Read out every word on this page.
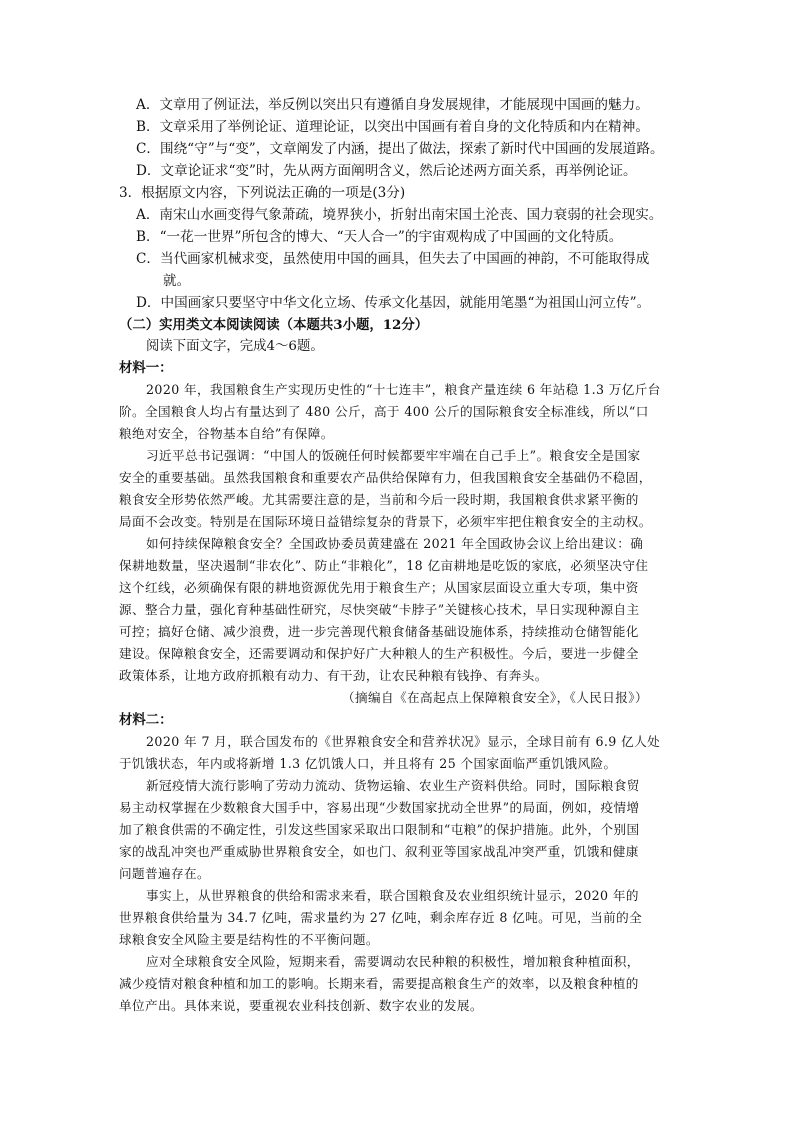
A．文章用了例证法，举反例以突出只有遵循自身发展规律，才能展现中国画的魅力。
B．文章采用了举例论证、道理论证，以突出中国画有着自身的文化特质和内在精神。
C．围绕“守”与“变”，文章阐发了内涵，提出了做法，探索了新时代中国画的发展道路。
D．文章论证求“变”时，先从两方面阐明含义，然后论述两方面关系，再举例论证。
3．根据原文内容，下列说法正确的一项是(3分)
A．南宋山水画变得气象萧疏，境界狭小，折射出南宋国土沦丧、国力衰弱的社会现实。
B．“一花一世界”所包含的博大、“天人合一”的宇宙观构成了中国画的文化特质。
C．当代画家机械求变，虽然使用中国的画具，但失去了中国画的神韵，不可能取得成
就。
D．中国画家只要坚守中华文化立场、传承文化基因，就能用笔墨“为祖国山河立传”。
（二）实用类文本阅读阅读（本题共3小题，12分）
阅读下面文字，完成4～6题。
材料一：
2020 年，我国粮食生产实现历史性的“十七连丰”，粮食产量连续 6 年站稳 1.3 万亿斤台
阶。全国粮食人均占有量达到了 480 公斤，高于 400 公斤的国际粮食安全标准线，所以“口
粮绝对安全，谷物基本自给”有保障。
习近平总书记强调：“中国人的饭碗任何时候都要牢牢端在自己手上”。粮食安全是国家
安全的重要基础。虽然我国粮食和重要农产品供给保障有力，但我国粮食安全基础仍不稳固，
粮食安全形势依然严峻。尤其需要注意的是，当前和今后一段时期，我国粮食供求紧平衡的
局面不会改变。特别是在国际环境日益错综复杂的背景下，必须牢牢把住粮食安全的主动权。
如何持续保障粮食安全？全国政协委员黄建盛在 2021 年全国政协会议上给出建议：确
保耕地数量，坚决遏制“非农化”、防止“非粮化”，18 亿亩耕地是吃饭的家底，必须坚决守住
这个红线，必须确保有限的耕地资源优先用于粮食生产；从国家层面设立重大专项，集中资
源、整合力量，强化育种基础性研究，尽快突破“卡脖子”关键核心技术，早日实现种源自主
可控；搞好仓储、减少浪费，进一步完善现代粮食储备基础设施体系，持续推动仓储智能化
建设。保障粮食安全，还需要调动和保护好广大种粮人的生产积极性。今后，要进一步健全
政策体系，让地方政府抓粮有动力、有干劲，让农民种粮有钱挣、有奔头。
（摘编自《在高起点上保障粮食安全》，《人民日报》）
材料二：
2020 年 7 月，联合国发布的《世界粮食安全和营养状况》显示，全球目前有 6.9 亿人处
于饥饿状态，年内或将新增 1.3 亿饥饿人口，并且将有 25 个国家面临严重饥饿风险。
新冠疫情大流行影响了劳动力流动、货物运输、农业生产资料供给。同时，国际粮食贸
易主动权掌握在少数粮食大国手中，容易出现“少数国家扰动全世界”的局面，例如，疫情增
加了粮食供需的不确定性，引发这些国家采取出口限制和“屯粮”的保护措施。此外，个别国
家的战乱冲突也严重威胁世界粮食安全，如也门、叙利亚等国家战乱冲突严重，饥饿和健康
问题普遍存在。
事实上，从世界粮食的供给和需求来看，联合国粮食及农业组织统计显示，2020 年的
世界粮食供给量为 34.7 亿吨，需求量约为 27 亿吨，剩余库存近 8 亿吨。可见，当前的全
球粮食安全风险主要是结构性的不平衡问题。
应对全球粮食安全风险，短期来看，需要调动农民种粮的积极性，增加粮食种植面积，
减少疫情对粮食种植和加工的影响。长期来看，需要提高粮食生产的效率，以及粮食种植的
单位产出。具体来说，要重视农业科技创新、数字农业的发展。
